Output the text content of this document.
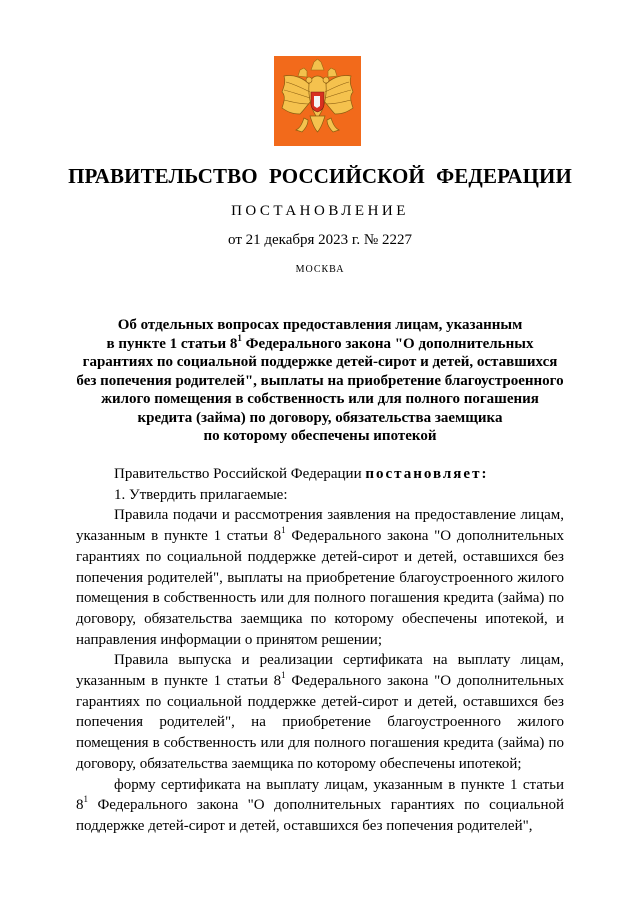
ПРАВИТЕЛЬСТВО РОССИЙСКОЙ ФЕДЕРАЦИИ
ПОСТАНОВЛЕНИЕ
от 21 декабря 2023 г. № 2227
МОСКВА
Об отдельных вопросах предоставления лицам, указанным
в пункте 1 статьи $8^1$ Федерального закона "О дополнительных
гарантиях по социальной поддержке детей-сирот и детей, оставшихся
без попечения родителей", выплаты на приобретение благоустроенного
жилого помещения в собственность или для полного погашения
кредита (займа) по договору, обязательства заемщика
по которому обеспечены ипотекой

Правительство Российской Федерации постановляет:

1. Утвердить прилагаемые:

Правила подачи и рассмотрения заявления на предоставление лицам, указанным в пункте 1 статьи $8^1$ Федерального закона "О дополнительных гарантиях по социальной поддержке детей-сирот и детей, оставшихся без попечения родителей", выплаты на приобретение благоустроенного жилого помещения в собственность или для полного погашения кредита (займа) по договору, обязательства заемщика по которому обеспечены ипотекой, и направления информации о принятом решении;

Правила выпуска и реализации сертификата на выплату лицам, указанным в пункте 1 статьи $8^1$ Федерального закона "О дополнительных гарантиях по социальной поддержке детей-сирот и детей, оставшихся без попечения родителей", на приобретение благоустроенного жилого помещения в собственность или для полного погашения кредита (займа) по договору, обязательства заемщика по которому обеспечены ипотекой;

форму сертификата на выплату лицам, указанным в пункте 1 статьи $8^1$ Федерального закона "О дополнительных гарантиях по социальной поддержке детей-сирот и детей, оставшихся без попечения родителей",
